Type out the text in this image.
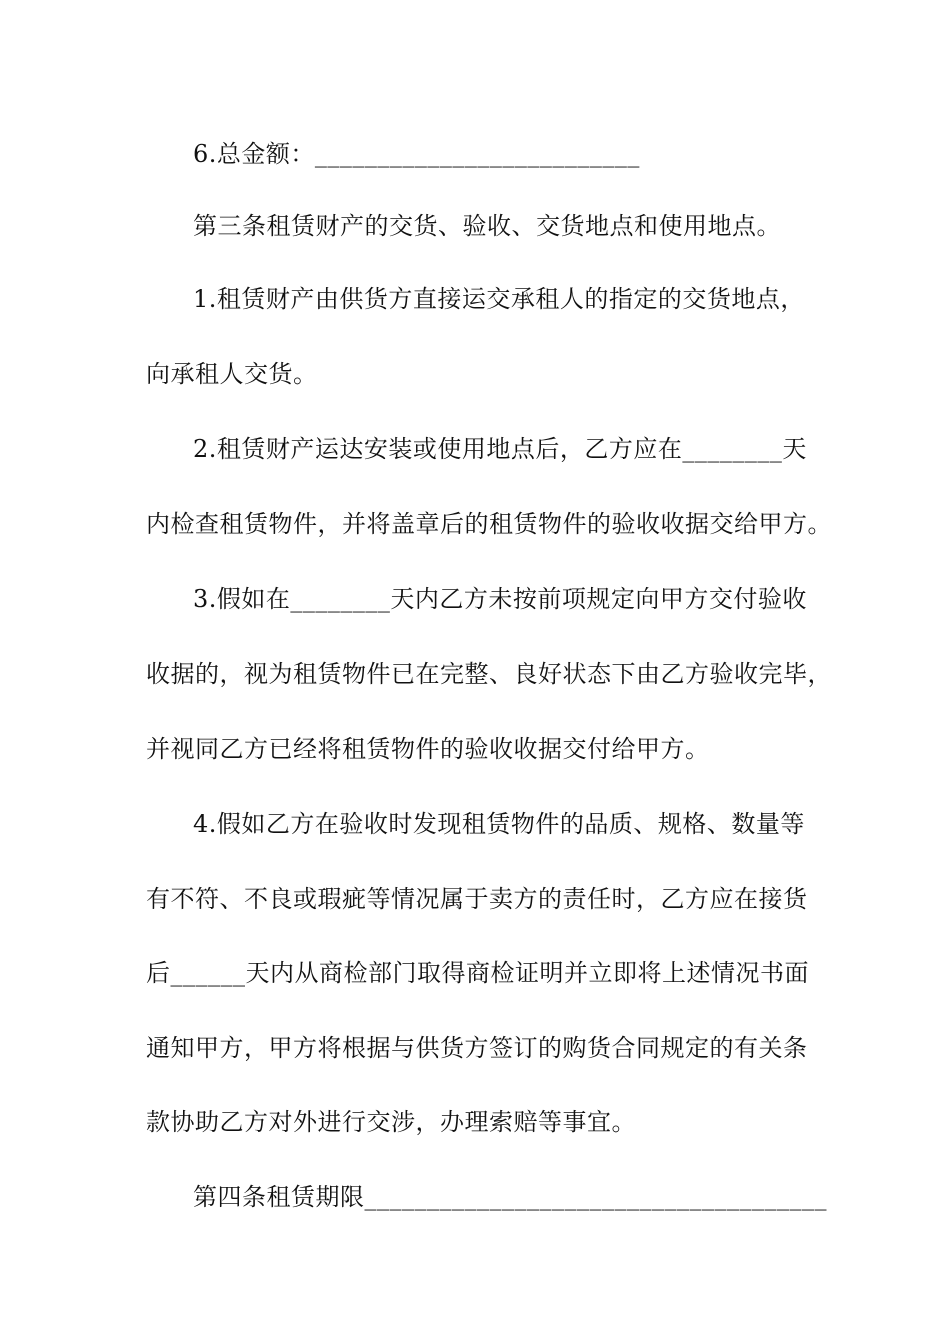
6.总金额：__________________________
第三条租赁财产的交货、验收、交货地点和使用地点。
1.租赁财产由供货方直接运交承租人的指定的交货地点，
向承租人交货。
2.租赁财产运达安装或使用地点后，乙方应在________天
内检查租赁物件，并将盖章后的租赁物件的验收收据交给甲方。
3.假如在________天内乙方未按前项规定向甲方交付验收
收据的，视为租赁物件已在完整、良好状态下由乙方验收完毕，
并视同乙方已经将租赁物件的验收收据交付给甲方。
4.假如乙方在验收时发现租赁物件的品质、规格、数量等
有不符、不良或瑕疵等情况属于卖方的责任时，乙方应在接货
后______天内从商检部门取得商检证明并立即将上述情况书面
通知甲方，甲方将根据与供货方签订的购货合同规定的有关条
款协助乙方对外进行交涉，办理索赔等事宜。
第四条租赁期限_____________________________________
